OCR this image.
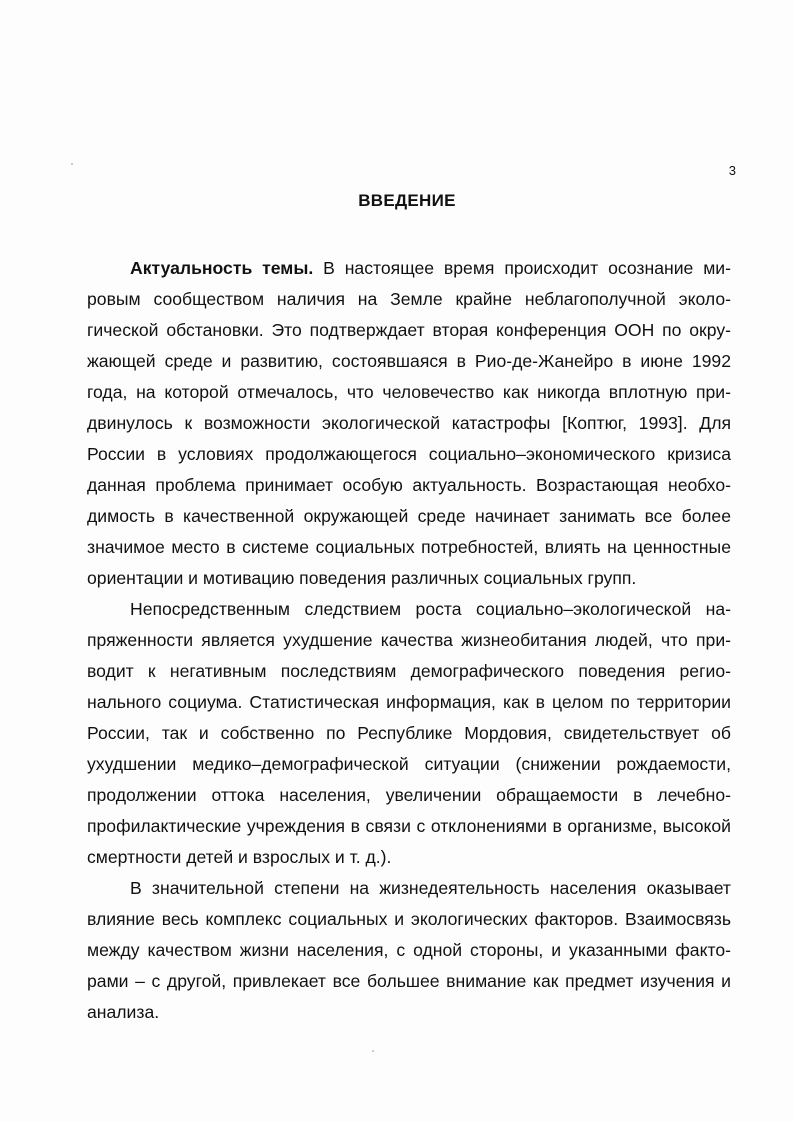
3
ВВЕДЕНИЕ

Актуальность темы. В настоящее время происходит осознание мировым сообществом наличия на Земле крайне неблагополучной экологической обстановки. Это подтверждает вторая конференция ООН по окружающей среде и развитию, состоявшаяся в Рио-де-Жанейро в июне 1992 года, на которой отмечалось, что человечество как никогда вплотную придвинулось к возможности экологической катастрофы [Коптюг, 1993]. Для России в условиях продолжающегося социально–экономического кризиса данная проблема принимает особую актуальность. Возрастающая необходимость в качественной окружающей среде начинает занимать все более значимое место в системе социальных потребностей, влиять на ценностные ориентации и мотивацию поведения различных социальных групп.

Непосредственным следствием роста социально–экологической напряженности является ухудшение качества жизнеобитания людей, что приводит к негативным последствиям демографического поведения регионального социума. Статистическая информация, как в целом по территории России, так и собственно по Республике Мордовия, свидетельствует об ухудшении медико–демографической ситуации (снижении рождаемости, продолжении оттока населения, увеличении обращаемости в лечебно-профилактические учреждения в связи с отклонениями в организме, высокой смертности детей и взрослых и т. д.).

В значительной степени на жизнедеятельность населения оказывает влияние весь комплекс социальных и экологических факторов. Взаимосвязь между качеством жизни населения, с одной стороны, и указанными факторами – с другой, привлекает все большее внимание как предмет изучения и анализа.
